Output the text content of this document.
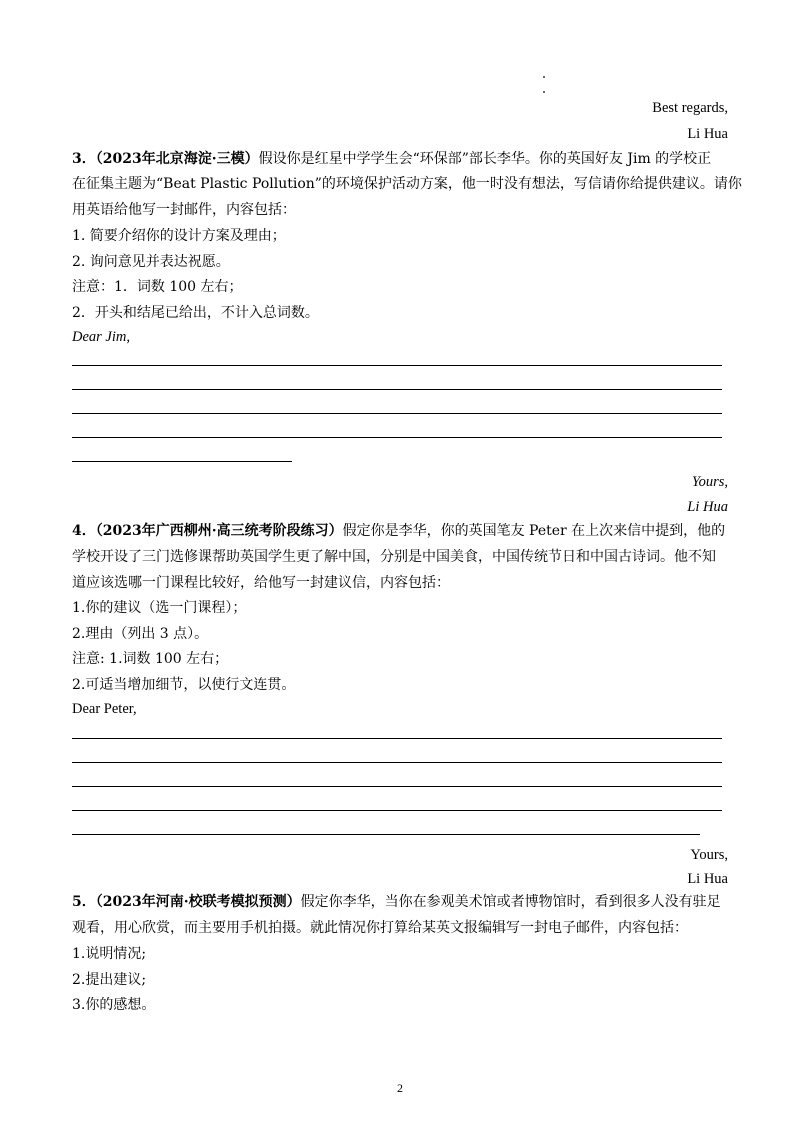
Best regards,
Li Hua
3．（2023年北京海淀·三模）假设你是红星中学学生会“环保部”部长李华。你的英国好友 Jim 的学校正
在征集主题为“Beat Plastic Pollution”的环境保护活动方案，他一时没有想法，写信请你给提供建议。请你
用英语给他写一封邮件，内容包括：
1. 简要介绍你的设计方案及理由；
2. 询问意见并表达祝愿。
注意：1．词数 100 左右；
2．开头和结尾已给出，不计入总词数。
Dear Jim,
Yours,
Li Hua
4．（2023年广西柳州·高三统考阶段练习）假定你是李华，你的英国笔友 Peter 在上次来信中提到，他的
学校开设了三门选修课帮助英国学生更了解中国，分别是中国美食，中国传统节日和中国古诗词。他不知
道应该选哪一门课程比较好，给他写一封建议信，内容包括：
1.你的建议（选一门课程）；
2.理由（列出 3 点）。
注意: 1.词数 100 左右；
2.可适当增加细节，以使行文连贯。
Dear Peter,
Yours,
Li Hua
5．（2023年河南·校联考模拟预测）假定你李华，当你在参观美术馆或者博物馆时，看到很多人没有驻足
观看，用心欣赏，而主要用手机拍摄。就此情况你打算给某英文报编辑写一封电子邮件，内容包括：
1.说明情况;
2.提出建议;
3.你的感想。
2
